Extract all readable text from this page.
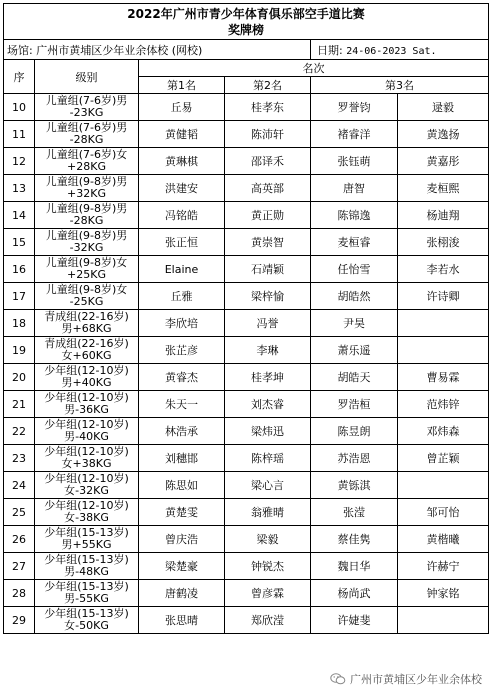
2022年广州市青少年体育俱乐部空手道比赛
奖牌榜					

场馆: 广州市黄埔区少年业余体校 (网校)				日期: 24-06-2023 Sat.	
序	级别	名次			
		第1名	第2名	第3名	
10	儿童组(7-6岁)男
-23KG	丘易	桂孝东	罗誉钧	逯毅
11	儿童组(7-6岁)男
-28KG	黄健韬	陈沛轩	褚睿洋	黄逸扬
12	儿童组(7-6岁)女
+28KG	黄琳棋	邵译禾	张钰萌	黄嘉彤
13	儿童组(9-8岁)男
+32KG	洪建安	高英部	唐智	麦桓熙
14	儿童组(9-8岁)男
-28KG	冯铭皓	黄正勋	陈锦逸	杨迪翔
15	儿童组(9-8岁)男
-32KG	张正恒	黄崇智	麦桓睿	张栩浚
16	儿童组(9-8岁)女
+25KG	Elaine	石靖颖	任怡雪	李若水
17	儿童组(9-8岁)女
-25KG	丘雅	梁梓愉	胡皓然	许诗卿
18	青成组(22-16岁)
男+68KG	李欣培	冯誉	尹昊	
19	青成组(22-16岁)
女+60KG	张芷彦	李琳	萧乐遥	
20	少年组(12-10岁)
男+40KG	黄睿杰	桂孝坤	胡皓天	曹易霖
21	少年组(12-10岁)
男-36KG	朱天一	刘杰睿	罗浩桓	范炜锌
22	少年组(12-10岁)
男-40KG	林浩承	梁炜迅	陈昱朗	邓炜森
23	少年组(12-10岁)
女+38KG	刘穗邯	陈梓瑶	苏浩恩	曾芷颖
24	少年组(12-10岁)
女-32KG	陈思如	梁心言	黄铄淇	
25	少年组(12-10岁)
女-38KG	黄楚雯	翁雅晴	张滢	邹可怡
26	少年组(15-13岁)
男+55KG	曾庆浩	梁毅	蔡佳隽	黄楷曦
27	少年组(15-13岁)
男-48KG	梁楚豪	钟锐杰	魏日华	许赫宁
28	少年组(15-13岁)
男-55KG	唐鹤凌	曾彦霖	杨尚武	钟家铭
29	少年组(15-13岁)
女-50KG	张思晴	郑欣滢	许婕斐	
广州市黄埔区少年业余体校
